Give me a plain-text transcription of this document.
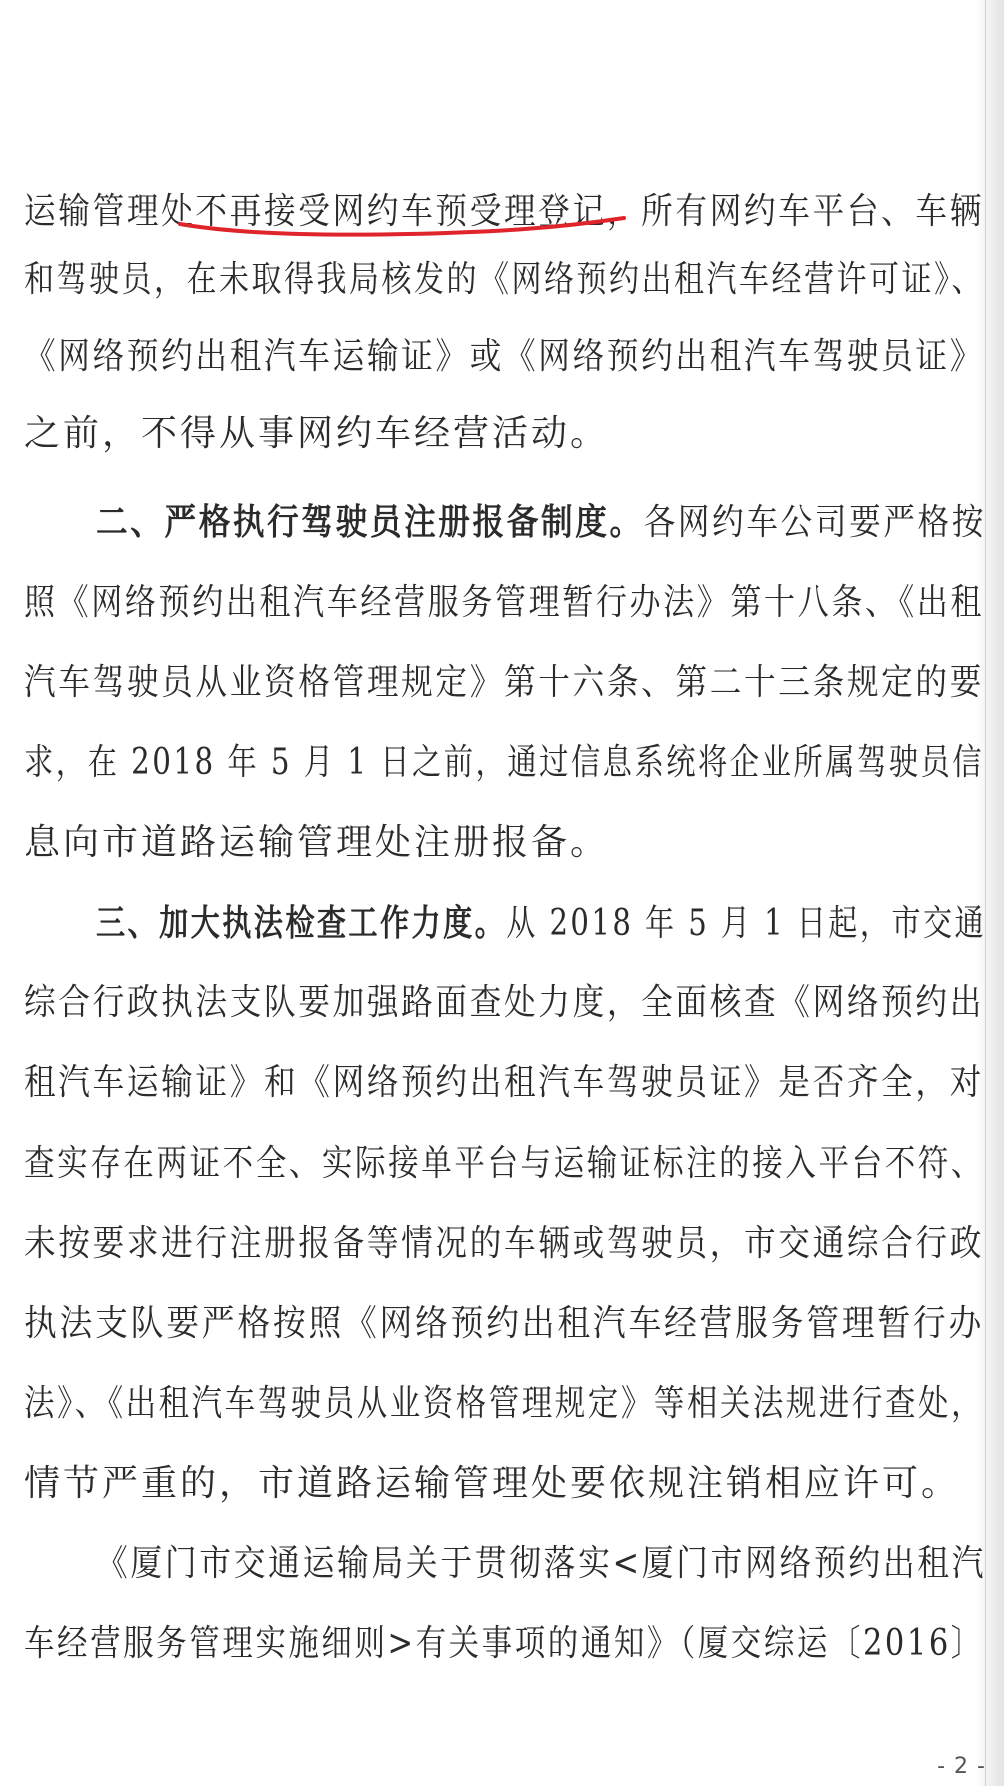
运输管理处不再接受网约车预受理登记，所有网约车平台、车辆
和驾驶员，在未取得我局核发的《网络预约出租汽车经营许可证》、
《网络预约出租汽车运输证》或《网络预约出租汽车驾驶员证》
之前，不得从事网约车经营活动。
二、严格执行驾驶员注册报备制度。各网约车公司要严格按
照《网络预约出租汽车经营服务管理暂行办法》第十八条、《出租
汽车驾驶员从业资格管理规定》第十六条、第二十三条规定的要
求，在 2018 年 5 月 1 日之前，通过信息系统将企业所属驾驶员信
息向市道路运输管理处注册报备。
三、加大执法检查工作力度。从 2018 年 5 月 1 日起，市交通
综合行政执法支队要加强路面查处力度，全面核查《网络预约出
租汽车运输证》和《网络预约出租汽车驾驶员证》是否齐全，对
查实存在两证不全、实际接单平台与运输证标注的接入平台不符、
未按要求进行注册报备等情况的车辆或驾驶员，市交通综合行政
执法支队要严格按照《网络预约出租汽车经营服务管理暂行办
法》、《出租汽车驾驶员从业资格管理规定》等相关法规进行查处，
情节严重的，市道路运输管理处要依规注销相应许可。
《厦门市交通运输局关于贯彻落实<厦门市网络预约出租汽
车经营服务管理实施细则>有关事项的通知》（厦交综运〔2016〕
- 2 -
